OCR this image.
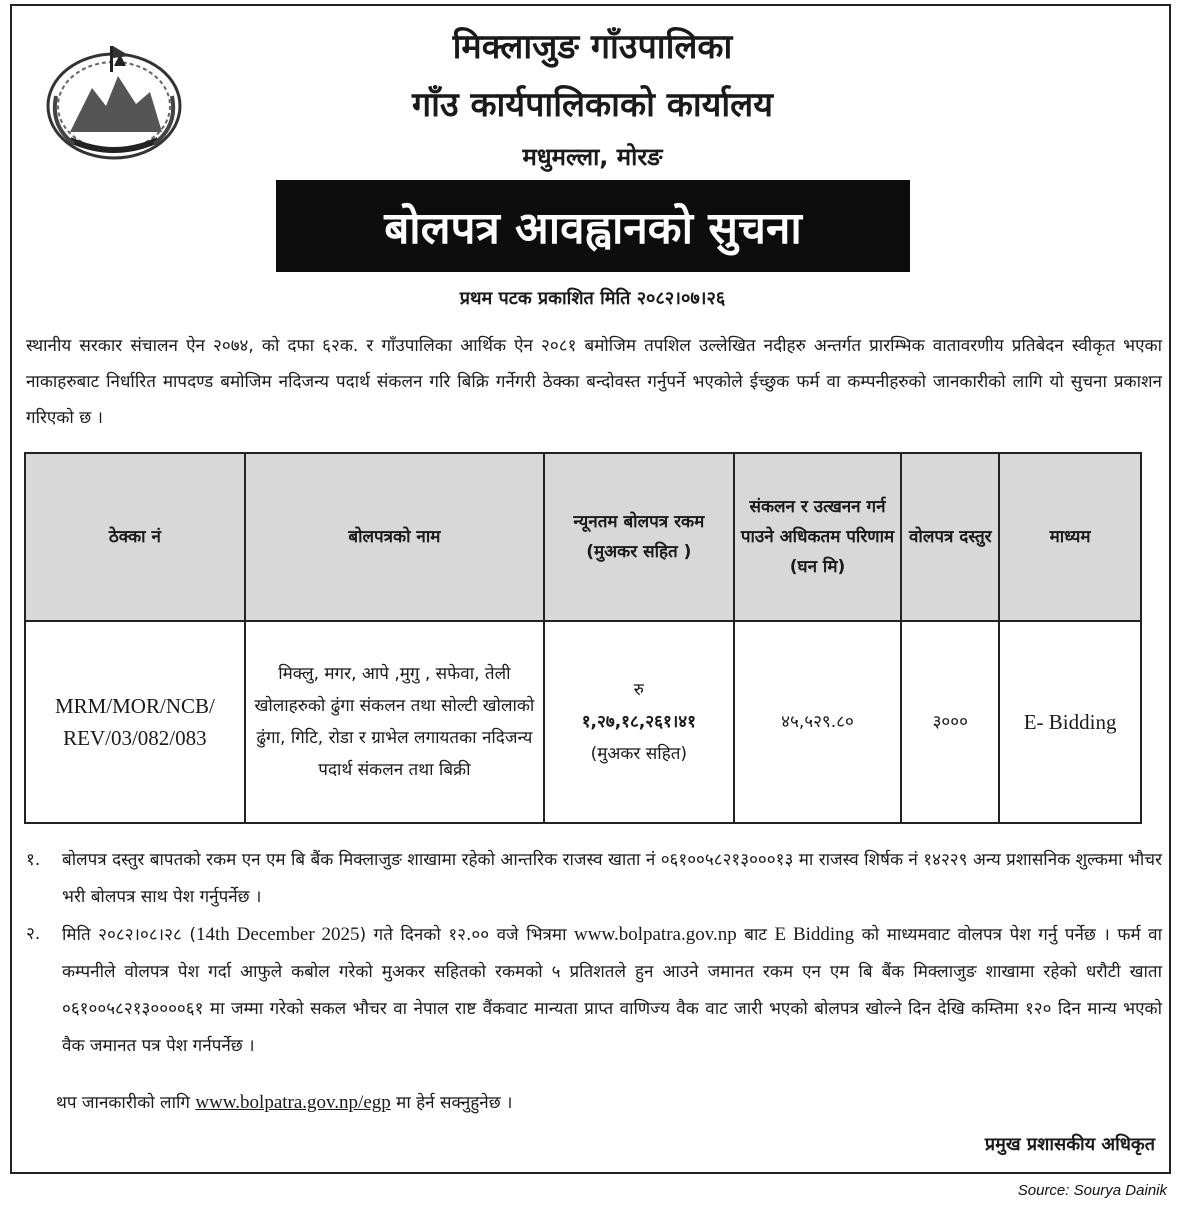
मिक्लाजुङ गाँउपालिका
गाँउ कार्यपालिकाको कार्यालय
मधुमल्ला, मोरङ
बोलपत्र आवह्वानको सुचना
प्रथम पटक प्रकाशित मिति २०८२।०७।२६

स्थानीय सरकार संचालन ऐन २०७४, को दफा ६२क. र गाँउपालिका आर्थिक ऐन २०८१ बमोजिम तपशिल उल्लेखित नदीहरु अन्तर्गत प्रारम्भिक वातावरणीय प्रतिबेदन स्वीकृत भएका नाकाहरुबाट निर्धारित मापदण्ड बमोजिम नदिजन्य पदार्थ संकलन गरि बिक्रि गर्नेगरी ठेक्का बन्दोवस्त गर्नुपर्ने भएकोले ईच्छुक फर्म वा कम्पनीहरुको जानकारीको लागि यो सुचना प्रकाशन गरिएको छ ।

ठेक्का नं	बोलपत्रको नाम	न्यूनतम बोलपत्र रकम (मुअकर सहित )	संकलन र उत्खनन गर्न पाउने अधिकतम परिणाम (घन मि)	वोलपत्र दस्तुर	माध्यम
MRM/MOR/NCB/ REV/03/082/083	मिक्लु, मगर, आपे ,मुगु , सफेवा, तेली खोलाहरुको ढुंगा संकलन तथा सोल्टी खोलाको ढुंगा, गिटि, रोडा र ग्राभेल लगायतका नदिजन्य पदार्थ संकलन तथा बिक्री	रु
१,२७,१८,२६१।४१
(मुअकर सहित)	४५,५२९.८०	३०००	E- Bidding
१.	बोलपत्र दस्तुर बापतको रकम एन एम बि बैंक मिक्लाजुङ शाखामा रहेको आन्तरिक राजस्व खाता नं ०६१००५८२१३०००१३ मा राजस्व शिर्षक नं १४२२९ अन्य प्रशासनिक शुल्कमा भौचर भरी बोलपत्र साथ पेश गर्नुपर्नेछ ।
२.	मिति २०८२।०८।२८ (14th December 2025) गते दिनको १२.०० वजे भित्रमा www.bolpatra.gov.np बाट E Bidding को माध्यमवाट वोलपत्र पेश गर्नु पर्नेछ । फर्म वा कम्पनीले वोलपत्र पेश गर्दा आफुले कबोल गरेको मुअकर सहितको रकमको ५ प्रतिशतले हुन आउने जमानत रकम एन एम बि बैंक मिक्लाजुङ शाखामा रहेको धरौटी खाता ०६१००५८२१३००००६१ मा जम्मा गरेको सकल भौचर वा नेपाल राष्ट वैंकवाट मान्यता प्राप्त वाणिज्य वैक वाट जारी भएको बोलपत्र खोल्ने दिन देखि कम्तिमा १२० दिन मान्य भएको वैक जमानत पत्र पेश गर्नपर्नेछ ।
थप जानकारीको लागि www.bolpatra.gov.np/egp मा हेर्न सक्नुहुनेछ ।
प्रमुख प्रशासकीय अधिकृत
Source: Sourya Dainik
